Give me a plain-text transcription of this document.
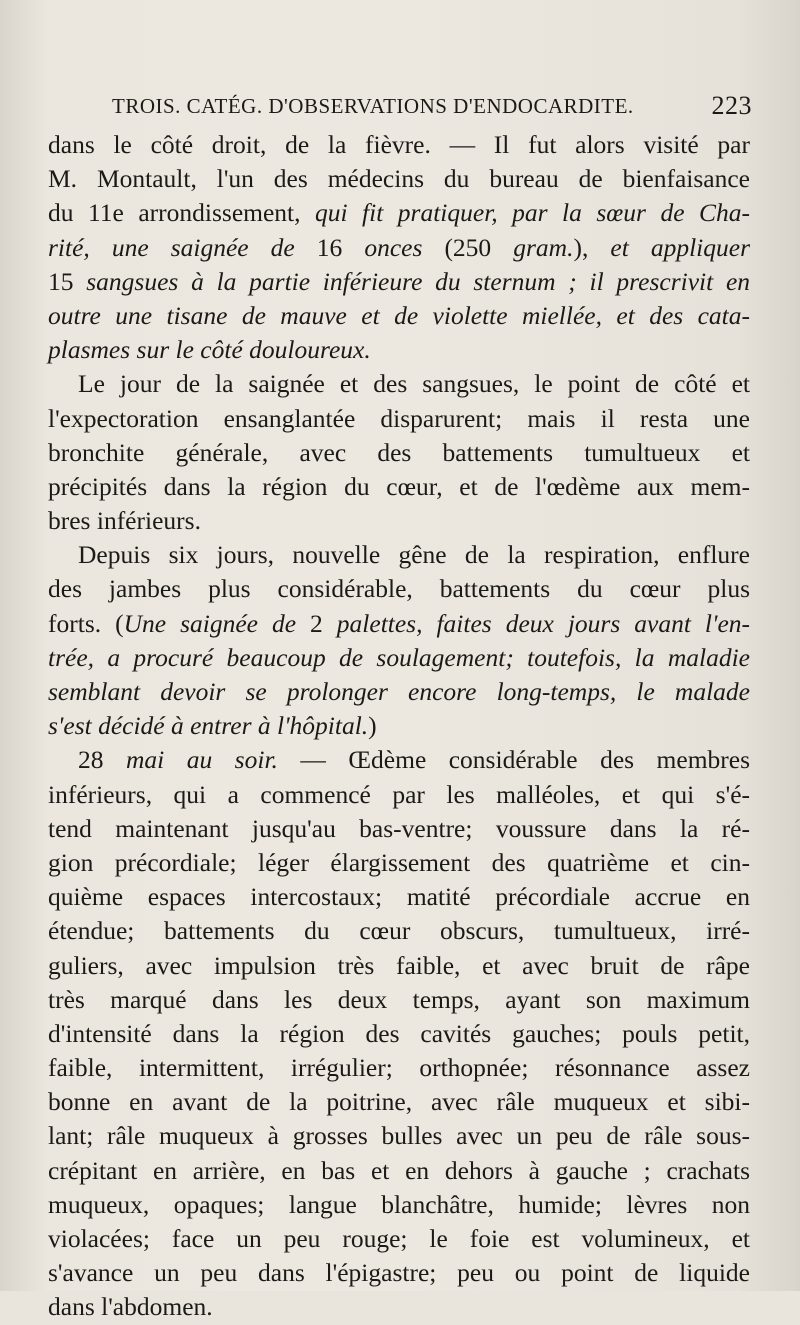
TROIS. CATÉG. D'OBSERVATIONS D'ENDOCARDITE.	223
dans le côté droit, de la fièvre. — Il fut alors visité par
M. Montault, l'un des médecins du bureau de bienfaisance
du 11e arrondissement, qui fit pratiquer, par la sœur de Cha-
rité, une saignée de 16 onces (250 gram.), et appliquer
15 sangsues à la partie inférieure du sternum ; il prescrivit en
outre une tisane de mauve et de violette miellée, et des cata-
plasmes sur le côté douloureux.
Le jour de la saignée et des sangsues, le point de côté et
l'expectoration ensanglantée disparurent; mais il resta une
bronchite générale, avec des battements tumultueux et
précipités dans la région du cœur, et de l'œdème aux mem-
bres inférieurs.
Depuis six jours, nouvelle gêne de la respiration, enflure
des jambes plus considérable, battements du cœur plus
forts. (Une saignée de 2 palettes, faites deux jours avant l'en-
trée, a procuré beaucoup de soulagement; toutefois, la maladie
semblant devoir se prolonger encore long-temps, le malade
s'est décidé à entrer à l'hôpital.)
28 mai au soir. — Œdème considérable des membres
inférieurs, qui a commencé par les malléoles, et qui s'é-
tend maintenant jusqu'au bas-ventre; voussure dans la ré-
gion précordiale; léger élargissement des quatrième et cin-
quième espaces intercostaux; matité précordiale accrue en
étendue; battements du cœur obscurs, tumultueux, irré-
guliers, avec impulsion très faible, et avec bruit de râpe
très marqué dans les deux temps, ayant son maximum
d'intensité dans la région des cavités gauches; pouls petit,
faible, intermittent, irrégulier; orthopnée; résonnance assez
bonne en avant de la poitrine, avec râle muqueux et sibi-
lant; râle muqueux à grosses bulles avec un peu de râle sous-
crépitant en arrière, en bas et en dehors à gauche ; crachats
muqueux, opaques; langue blanchâtre, humide; lèvres non
violacées; face un peu rouge; le foie est volumineux, et
s'avance un peu dans l'épigastre; peu ou point de liquide
dans l'abdomen.
